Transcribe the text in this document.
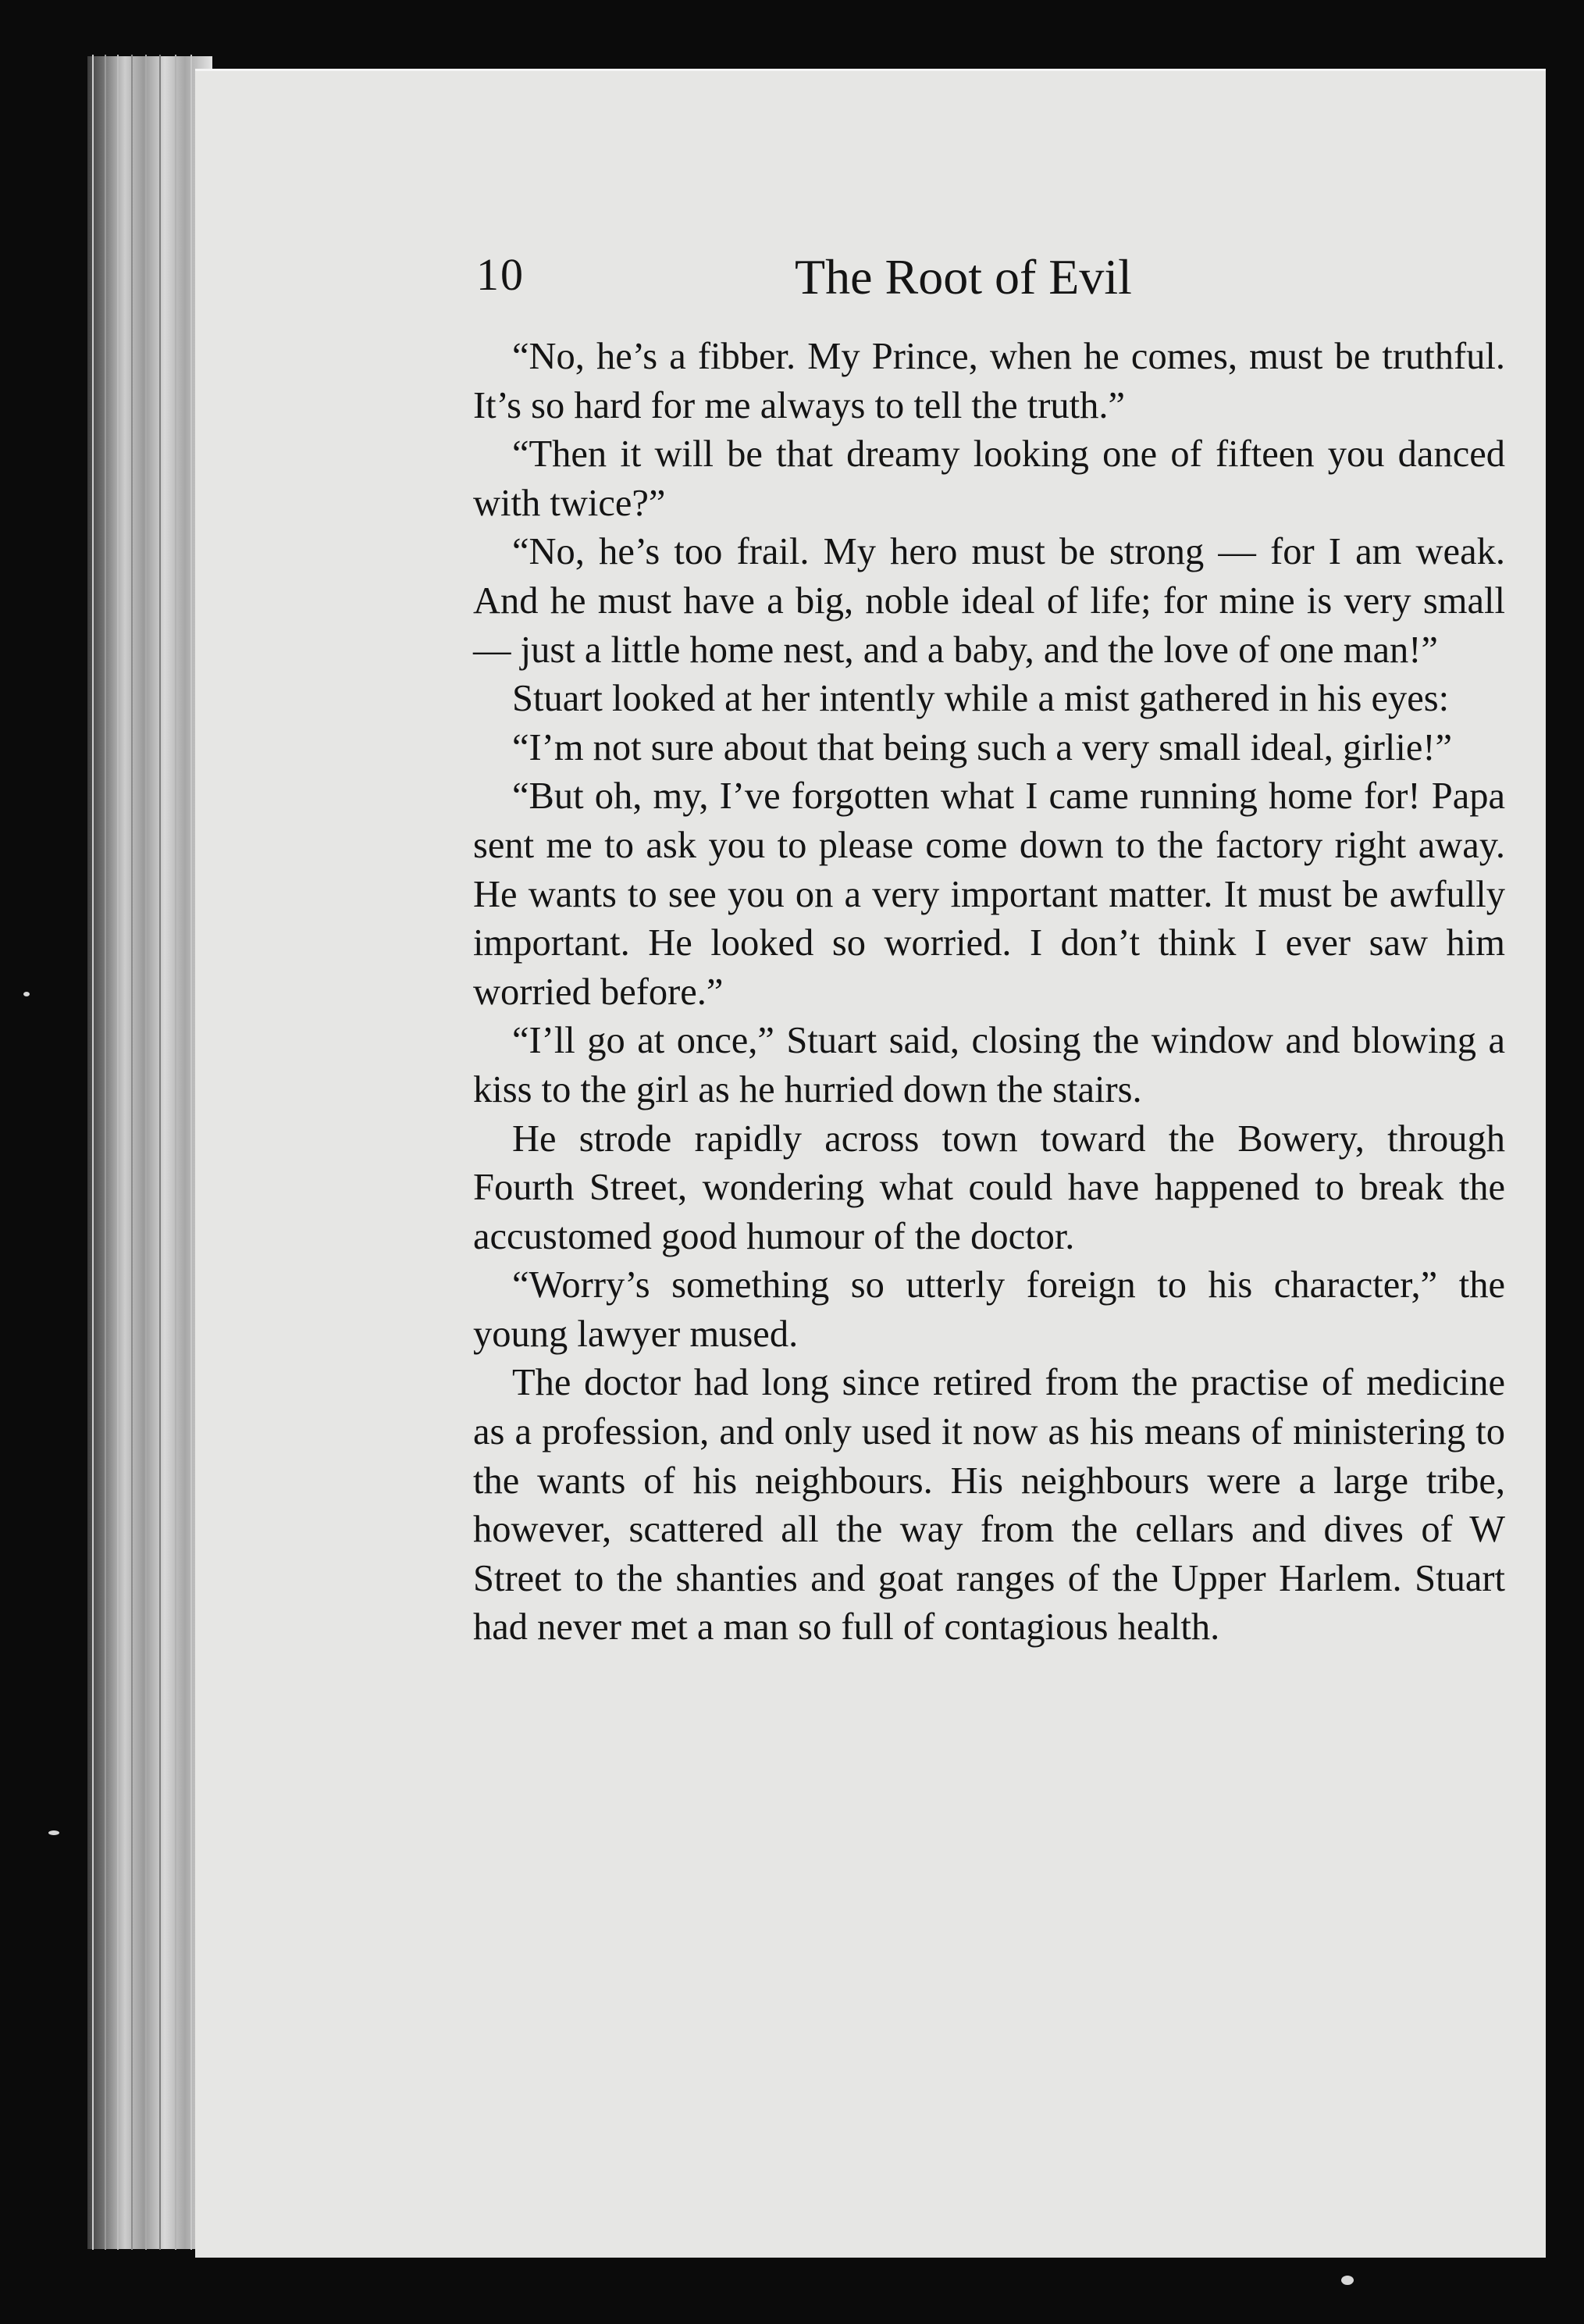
10	The Root of Evil

“No, he’s a fibber. My Prince, when he comes, must be truthful. It’s so hard for me always to tell the truth.”

“Then it will be that dreamy looking one of fifteen you danced with twice?”

“No, he’s too frail. My hero must be strong — for I am weak. And he must have a big, noble ideal of life; for mine is very small — just a little home nest, and a baby, and the love of one man!”

Stuart looked at her intently while a mist gathered in his eyes:

“I’m not sure about that being such a very small ideal, girlie!”

“But oh, my, I’ve forgotten what I came running home for! Papa sent me to ask you to please come down to the factory right away. He wants to see you on a very important matter. It must be awfully important. He looked so worried. I don’t think I ever saw him worried before.”

“I’ll go at once,” Stuart said, closing the window and blowing a kiss to the girl as he hurried down the stairs.

He strode rapidly across town toward the Bowery, through Fourth Street, wondering what could have happened to break the accustomed good humour of the doctor.

“Worry’s something so utterly foreign to his character,” the young lawyer mused.

The doctor had long since retired from the practise of medicine as a profession, and only used it now as his means of ministering to the wants of his neighbours. His neighbours were a large tribe, however, scattered all the way from the cellars and dives of W Street to the shanties and goat ranges of the Upper Harlem. Stuart had never met a man so full of contagious health.
